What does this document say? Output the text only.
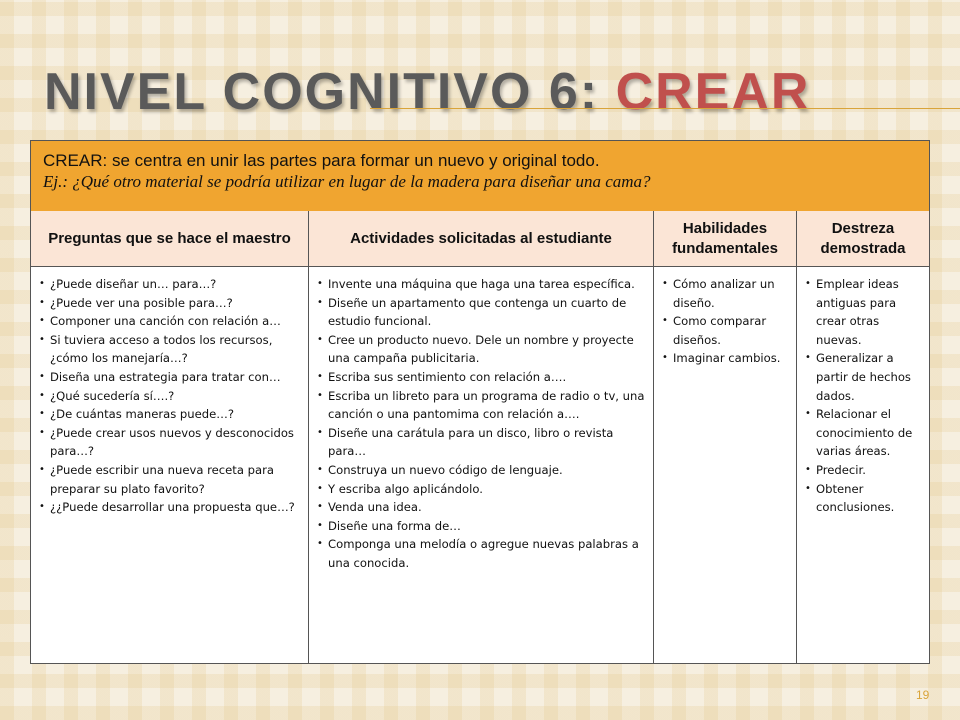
NIVEL COGNITIVO 6: CREAR
CREAR: se centra en unir las partes para formar un nuevo y original todo.
Ej.: ¿Qué otro material se podría utilizar en lugar de la madera para diseñar una cama?
Preguntas que se hace el maestro	Actividades solicitadas al estudiante
Habilidades fundamentales
Destreza demostrada
• ¿Puede diseñar un… para…?
• ¿Puede ver una posible para…?
• Componer una canción con relación a…
• Si tuviera acceso a todos los recursos, ¿cómo los manejaría…?
• Diseña una estrategia para tratar con…
• ¿Qué sucedería sí….?
• ¿De cuántas maneras puede…?
• ¿Puede crear usos nuevos y desconocidos para…?
• ¿Puede escribir una nueva receta para preparar su plato favorito?
• ¿¿Puede desarrollar una propuesta que…?
• Invente una máquina que haga una tarea específica.
• Diseñe un apartamento que contenga un cuarto de estudio funcional.
• Cree un producto nuevo. Dele un nombre y proyecte una campaña publicitaria.
• Escriba sus sentimiento con relación a….
• Escriba un libreto para un programa de radio o tv, una canción o una pantomima con relación a….
• Diseñe una carátula para un disco, libro o revista para…
• Construya un nuevo código de lenguaje.
• Y escriba algo aplicándolo.
• Venda una idea.
• Diseñe una forma de…
• Componga una melodía o agregue nuevas palabras a una conocida.
• Cómo analizar un diseño.
• Como comparar diseños.
• Imaginar cambios.
• Emplear ideas antiguas para crear otras nuevas.
• Generalizar a partir de hechos dados.
• Relacionar el conocimiento de varias áreas.
• Predecir.
• Obtener conclusiones.
19
